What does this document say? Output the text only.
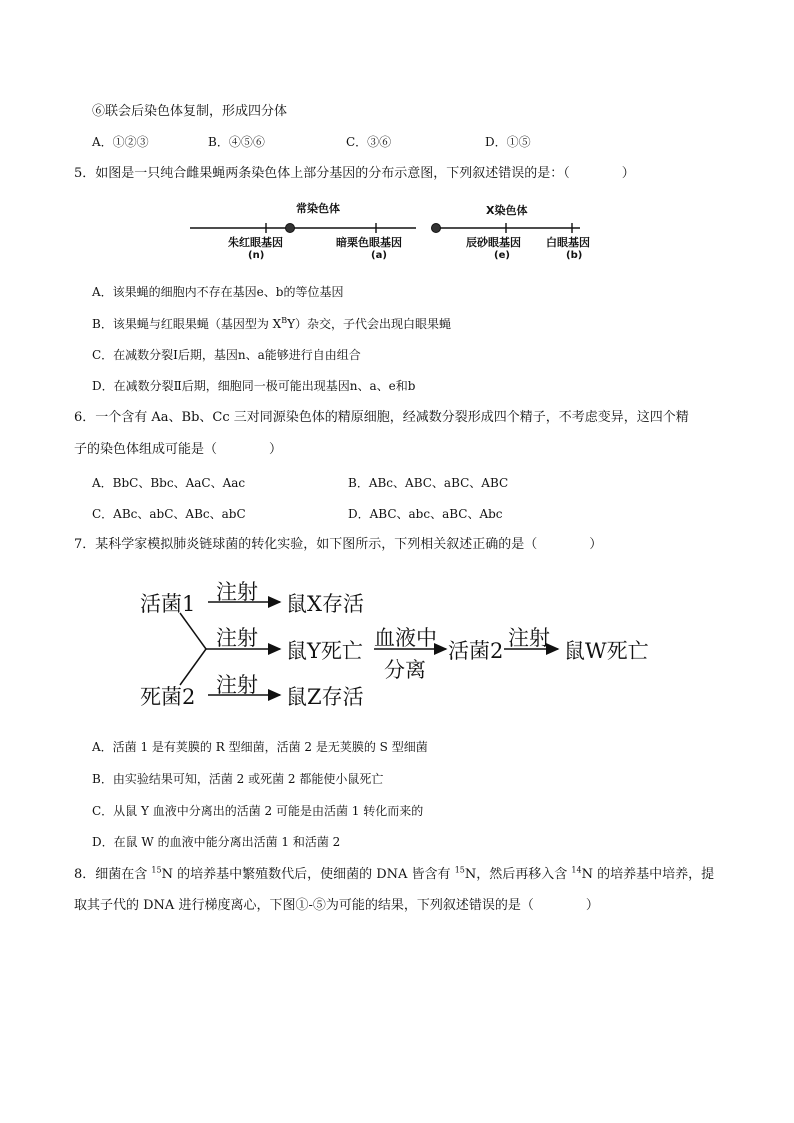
⑥联会后染色体复制，形成四分体
A．①②③	B．④⑤⑥	C．③⑥	D．①⑤
5．如图是一只纯合雌果蝇两条染色体上部分基因的分布示意图，下列叙述错误的是：（　　　　）
常染色体	X染色体
朱红眼基因
(n)
暗栗色眼基因
(a)
辰砂眼基因
(e)
白眼基因
(b)
A．该果蝇的细胞内不存在基因e、b的等位基因
B．该果蝇与红眼果蝇（基因型为 $X^BY$）杂交，子代会出现白眼果蝇
C．在减数分裂Ⅰ后期，基因n、a能够进行自由组合
D．在减数分裂Ⅱ后期，细胞同一极可能出现基因n、a、e和b
6．一个含有 Aa、Bb、Cc 三对同源染色体的精原细胞，经减数分裂形成四个精子，不考虑变异，这四个精
子的染色体组成可能是（　　　　）
A．BbC、Bbc、AaC、Aac	B．ABc、ABC、aBC、ABC
C．ABc、abC、ABc、abC	D．ABC、abc、aBC、Abc
7．某科学家模拟肺炎链球菌的转化实验，如下图所示，下列相关叙述正确的是（　　　　）
活菌1 注射 鼠X存活
注射
鼠Y死亡
血液中
分离
活菌2
注射
鼠W死亡
死菌2 注射 鼠Z存活
A．活菌 1 是有荚膜的 R 型细菌，活菌 2 是无荚膜的 S 型细菌
B．由实验结果可知，活菌 2 或死菌 2 都能使小鼠死亡
C．从鼠 Y 血液中分离出的活菌 2 可能是由活菌 1 转化而来的
D．在鼠 W 的血液中能分离出活菌 1 和活菌 2
8．细菌在含 $^{15}$N 的培养基中繁殖数代后，使细菌的 DNA 皆含有 $^{15}$N，然后再移入含 $^{14}$N 的培养基中培养，提
取其子代的 DNA 进行梯度离心，下图①-⑤为可能的结果，下列叙述错误的是（　　　　）
